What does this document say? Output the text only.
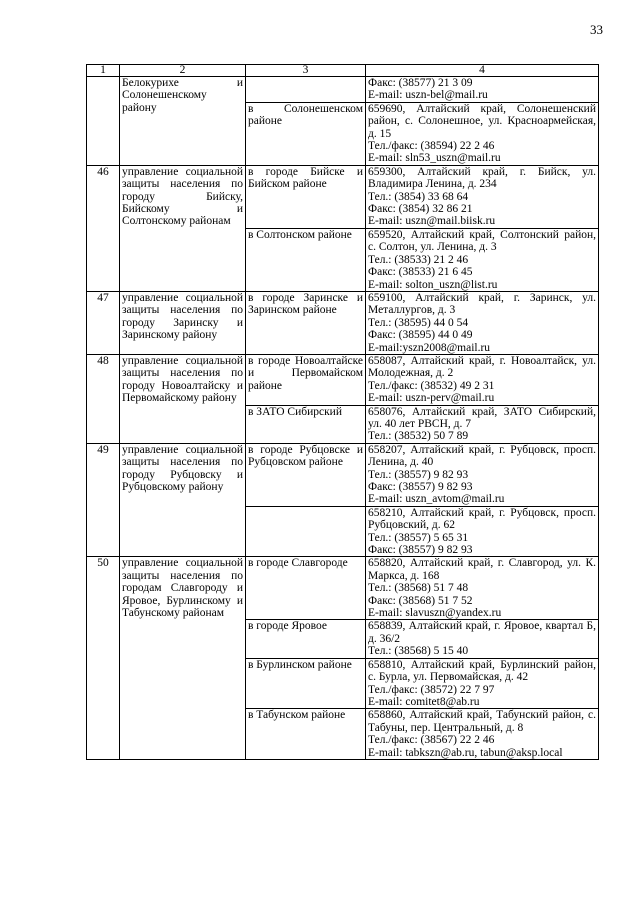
33
1	2	3	4
	Белокурихе и Солонешенскому району		Факс: (38577) 21 3 09
E-mail: uszn-bel@mail.ru

		в Солонешенском районе	659690, Алтайский край, Солонешенский район, с. Солонешное, ул. Красноармейская, д. 15
Тел./факс: (38594) 22 2 46
E-mail: sln53_uszn@mail.ru

46	управление социальной защиты населения по городу Бийску, Бийскому и Солтонскому районам	в городе Бийске и Бийском районе	659300, Алтайский край, г. Бийск, ул. Владимира Ленина, д. 234
Тел.: (3854) 33 68 64
Факс: (3854) 32 86 21
E-mail: uszn@mail.biisk.ru

		в Солтонском районе	659520, Алтайский край, Солтонский район, с. Солтон, ул. Ленина, д. 3
Тел.: (38533) 21 2 46
Факс: (38533) 21 6 45
E-mail: solton_uszn@list.ru

47	управление социальной защиты населения по городу Заринску и Заринскому району	в городе Заринске и Заринском районе	659100, Алтайский край, г. Заринск, ул. Металлургов, д. 3
Тел.: (38595) 44 0 54
Факс: (38595) 44 0 49
E-mail:yszn2008@mail.ru

48	управление социальной защиты населения по городу Новоалтайску и Первомайскому району	в городе Новоалтайске и Первомайском районе	658087, Алтайский край, г. Новоалтайск, ул. Молодежная, д. 2
Тел./факс: (38532) 49 2 31
E-mail: uszn-perv@mail.ru

		в ЗАТО Сибирский	658076, Алтайский край, ЗАТО Сибирский, ул. 40 лет РВСН, д. 7
Тел.: (38532) 50 7 89

49	управление социальной защиты населения по городу Рубцовску и Рубцовскому району	в городе Рубцовске и Рубцовском районе	658207, Алтайский край, г. Рубцовск, просп. Ленина, д. 40
Тел.: (38557) 9 82 93
Факс: (38557) 9 82 93
E-mail: uszn_avtom@mail.ru

			658210, Алтайский край, г. Рубцовск, просп. Рубцовский, д. 62
Тел.: (38557) 5 65 31
Факс: (38557) 9 82 93

50	управление социальной защиты населения по городам Славгороду и Яровое, Бурлинскому и Табунскому районам	в городе Славгороде	658820, Алтайский край, г. Славгород, ул. К. Маркса, д. 168
Тел.: (38568) 51 7 48
Факс: (38568) 51 7 52
E-mail: slavuszn@yandex.ru

		в городе Яровое	658839, Алтайский край, г. Яровое, квартал Б, д. 36/2
Тел.: (38568) 5 15 40

		в Бурлинском районе	658810, Алтайский край, Бурлинский район, с. Бурла, ул. Первомайская, д. 42
Тел./факс: (38572) 22 7 97
E-mail: comitet8@ab.ru

		в Табунском районе	658860, Алтайский край, Табунский район, с. Табуны, пер. Центральный, д. 8
Тел./факс: (38567) 22 2 46
E-mail: tabkszn@ab.ru, tabun@aksp.local
